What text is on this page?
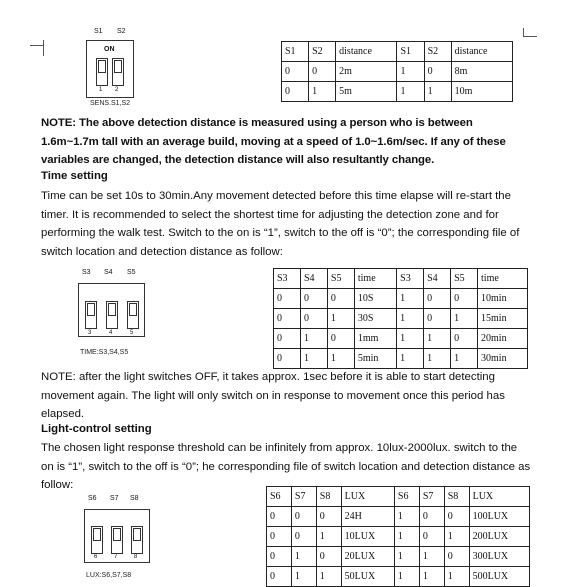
S1 S2
ON
1 2
SENS.S1,S2
S1	S2	distance	S1	S2	distance
0	0	2m	1	0	8m
0	1	5m	1	1	10m
NOTE: The above detection distance is measured using a person who is between 1.6m~1.7m tall with an average build, moving at a speed of 1.0~1.6m/sec. If any of these variables are changed, the detection distance will also resultantly change.
Time setting
Time can be set 10s to 30min.Any movement detected before this time elapse will re-start the timer. It is recommended to select the shortest time for adjusting the detection zone and for performing the walk test. Switch to the on is “1”, switch to the off is “0”; the corresponding file of switch location and detection distance as follow:
S3 S4 S5
3	4	5
TIME:S3,S4,S5
S3	S4	S5	time	S3	S4	S5	time
0	0	0	10S	1	0	0	10min
0	0	1	30S	1	0	1	15min
0	1	0	1mm	1	1	0	20min
0	1	1	5min	1	1	1	30min
NOTE: after the light switches OFF, it takes approx. 1sec before it is able to start detecting movement again. The light will only switch on in response to movement once this period has elapsed.
Light-control setting
The chosen light response threshold can be infinitely from approx. 10lux-2000lux. switch to the on is “1”, switch to the off is “0”; he corresponding file of switch location and detection distance as follow:
S6 S7 S8
6	7	8
LUX:S6,S7,S8
S6	S7	S8	LUX	S6	S7	S8	LUX
0	0	0	24H	1	0	0	100LUX
0	0	1	10LUX	1	0	1	200LUX
0	1	0	20LUX	1	1	0	300LUX
0	1	1	50LUX	1	1	1	500LUX
